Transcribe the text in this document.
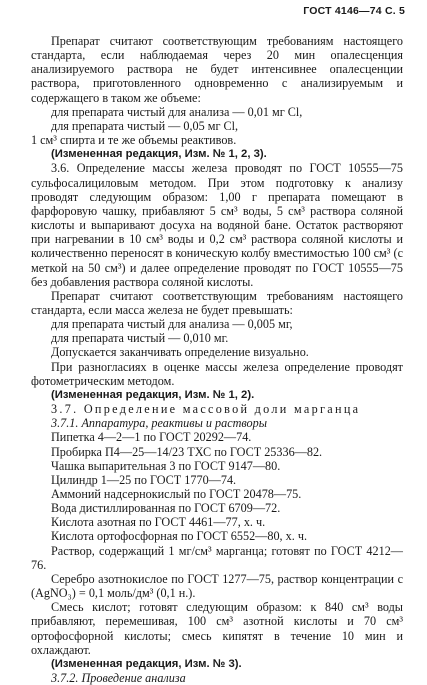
ГОСТ 4146—74 С. 5

Препарат считают соответствующим требованиям настоящего стандарта, если наблюдаемая через 20 мин опалесценция анализируемого раствора не будет интенсивнее опалесценции раствора, приготовленного одновременно с анализируемым и содержащего в таком же объеме:

для препарата чистый для анализа — 0,01 мг Cl,

для препарата чистый — 0,05 мг Cl,

1 см³ спирта и те же объемы реактивов.

(Измененная редакция, Изм. № 1, 2, 3).

3.6. Определение массы железа проводят по ГОСТ 10555—75 сульфосалициловым методом. При этом подготовку к анализу проводят следующим образом: 1,00 г препарата помещают в фарфоровую чашку, прибавляют 5 см³ воды, 5 см³ раствора соляной кислоты и выпаривают досуха на водяной бане. Остаток растворяют при нагревании в 10 см³ воды и 0,2 см³ раствора соляной кислоты и количественно переносят в коническую колбу вместимостью 100 см³ (с меткой на 50 см³) и далее определение проводят по ГОСТ 10555—75 без добавления раствора соляной кислоты.

Препарат считают соответствующим требованиям настоящего стандарта, если масса железа не будет превышать:

для препарата чистый для анализа — 0,005 мг,

для препарата чистый — 0,010 мг.

Допускается заканчивать определение визуально.

При разногласиях в оценке массы железа определение проводят фотометрическим методом.

(Измененная редакция, Изм. № 1, 2).

3.7. Определение массовой доли марганца

3.7.1. Аппаратура, реактивы и растворы

Пипетка 4—2—1 по ГОСТ 20292—74.

Пробирка П4—25—14/23 ТХС по ГОСТ 25336—82.

Чашка выпарительная 3 по ГОСТ 9147—80.

Цилиндр 1—25 по ГОСТ 1770—74.

Аммоний надсернокислый по ГОСТ 20478—75.

Вода дистиллированная по ГОСТ 6709—72.

Кислота азотная по ГОСТ 4461—77, х. ч.

Кислота ортофосфорная по ГОСТ 6552—80, х. ч.

Раствор, содержащий 1 мг/см³ марганца; готовят по ГОСТ 4212—76.

Серебро азотнокислое по ГОСТ 1277—75, раствор концентрации c (AgNO₃) = 0,1 моль/дм³ (0,1 н.).

Смесь кислот; готовят следующим образом: к 840 см³ воды прибавляют, перемешивая, 100 см³ азотной кислоты и 70 см³ ортофосфорной кислоты; смесь кипятят в течение 10 мин и охлаждают.

(Измененная редакция, Изм. № 3).

3.7.2. Проведение анализа
